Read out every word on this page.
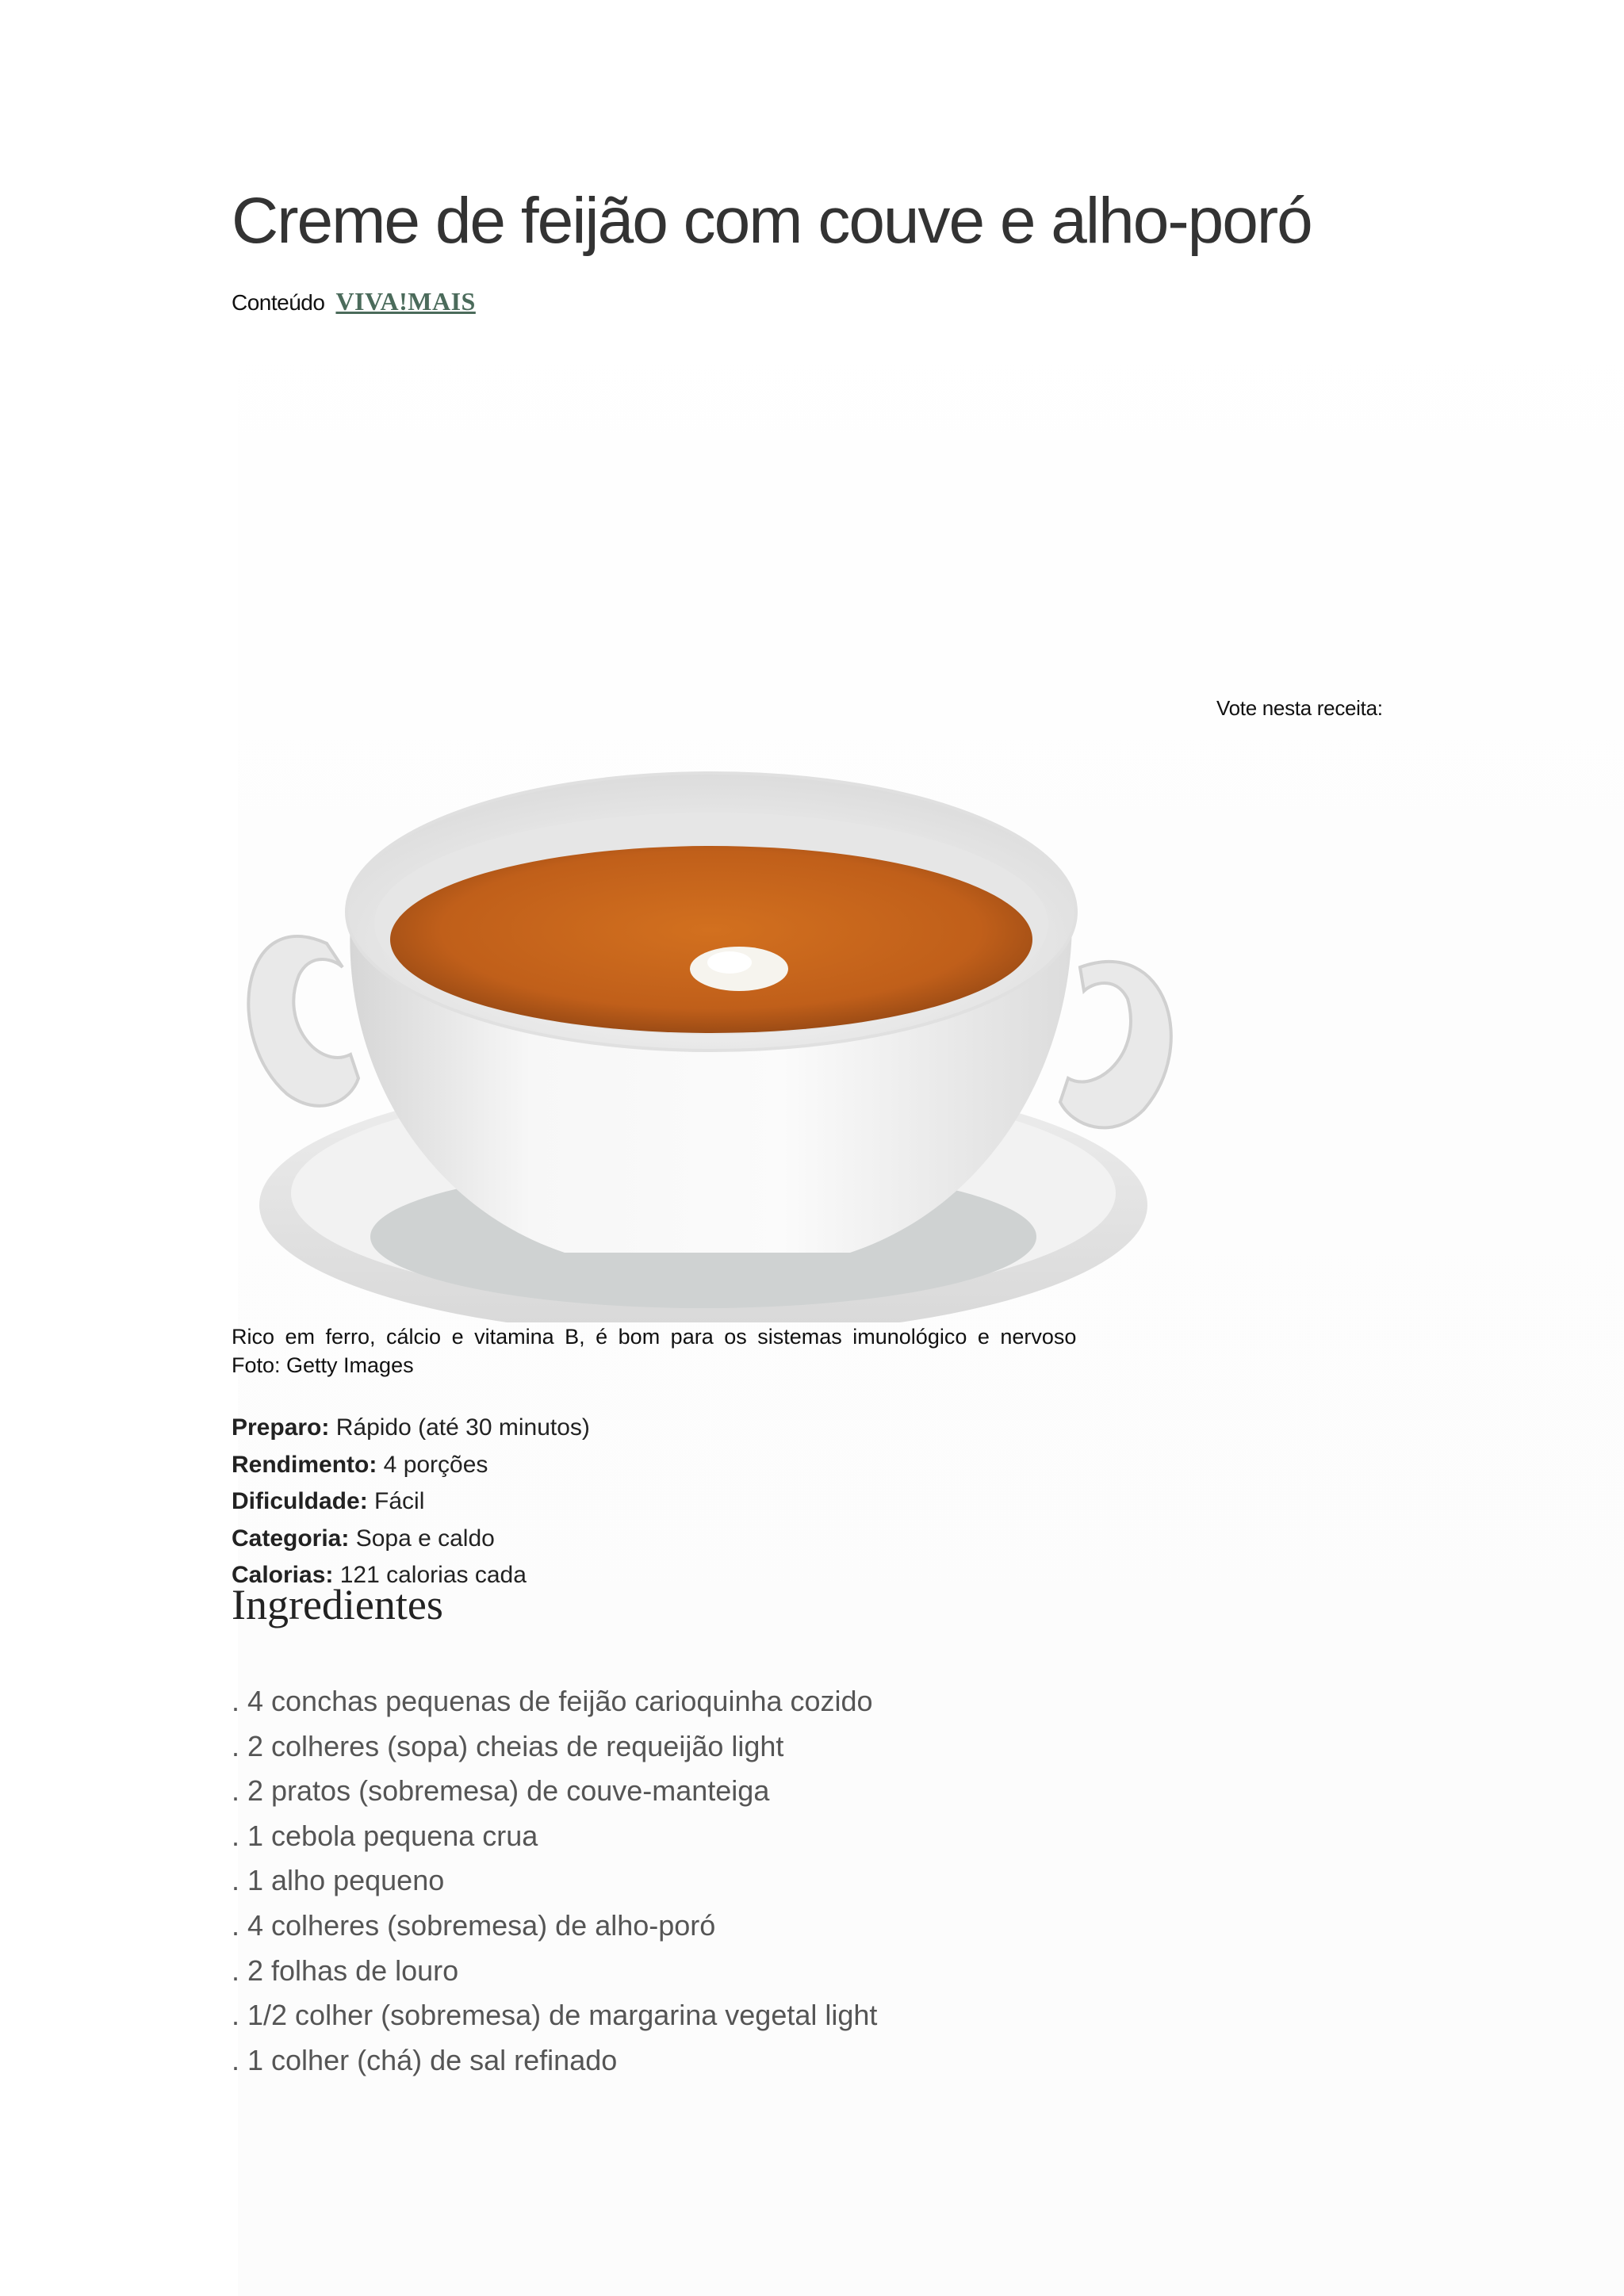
Creme de feijão com couve e alho-poró
Conteúdo VIVA!MAIS
Vote nesta receita:
Rico em ferro, cálcio e vitamina B, é bom para os sistemas imunológico e nervoso
Foto: Getty Images
Preparo: Rápido (até 30 minutos)
Rendimento: 4 porções
Dificuldade: Fácil
Categoria: Sopa e caldo
Calorias: 121 calorias cada
Ingredientes
. 4 conchas pequenas de feijão carioquinha cozido
. 2 colheres (sopa) cheias de requeijão light
. 2 pratos (sobremesa) de couve-manteiga
. 1 cebola pequena crua
. 1 alho pequeno
. 4 colheres (sobremesa) de alho-poró
. 2 folhas de louro
. 1/2 colher (sobremesa) de margarina vegetal light
. 1 colher (chá) de sal refinado
